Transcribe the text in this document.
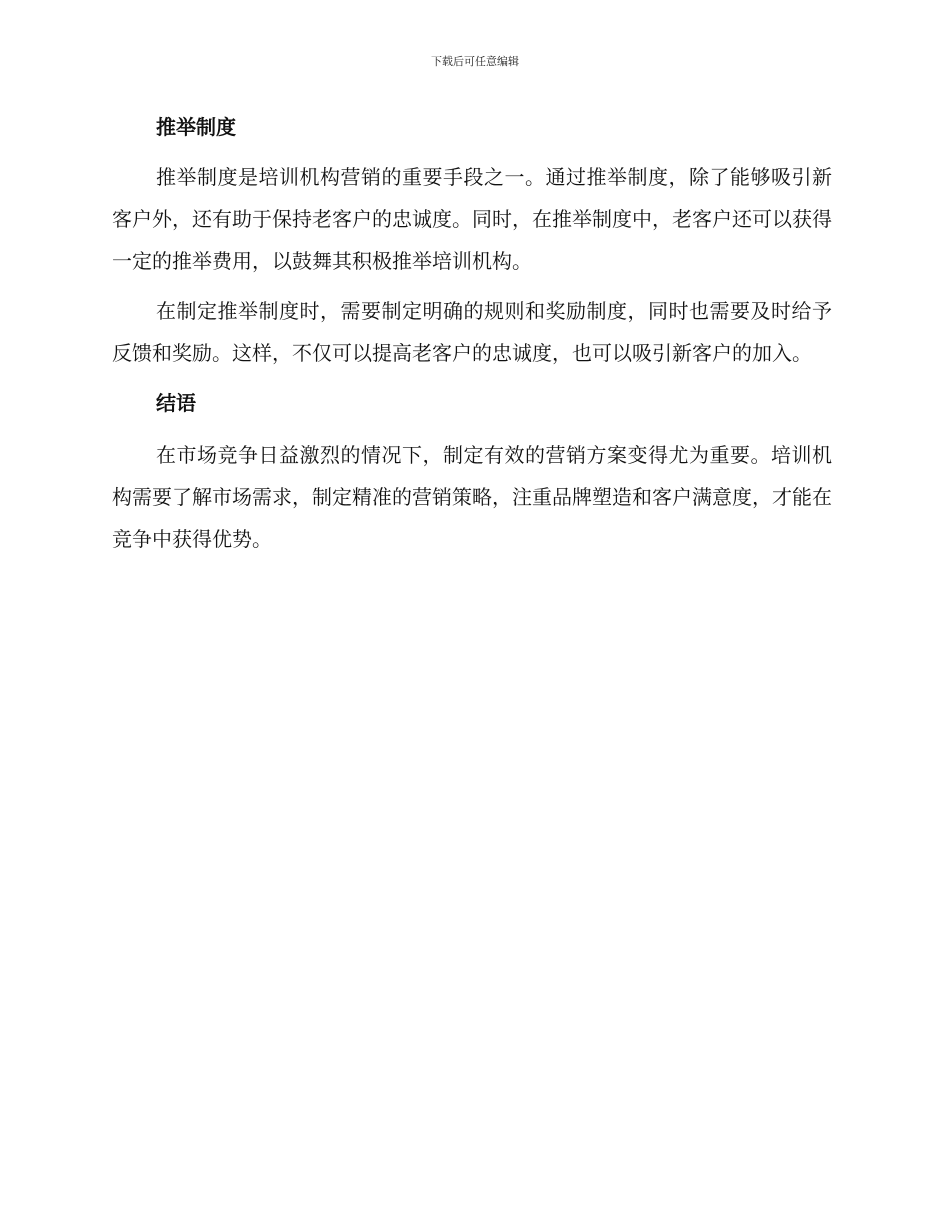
下载后可任意编辑
推举制度

推举制度是培训机构营销的重要手段之一。通过推举制度，除了能够吸引新客户外，还有助于保持老客户的忠诚度。同时，在推举制度中，老客户还可以获得一定的推举费用，以鼓舞其积极推举培训机构。

在制定推举制度时，需要制定明确的规则和奖励制度，同时也需要及时给予反馈和奖励。这样，不仅可以提高老客户的忠诚度，也可以吸引新客户的加入。

结语

在市场竞争日益激烈的情况下，制定有效的营销方案变得尤为重要。培训机构需要了解市场需求，制定精准的营销策略，注重品牌塑造和客户满意度，才能在竞争中获得优势。
